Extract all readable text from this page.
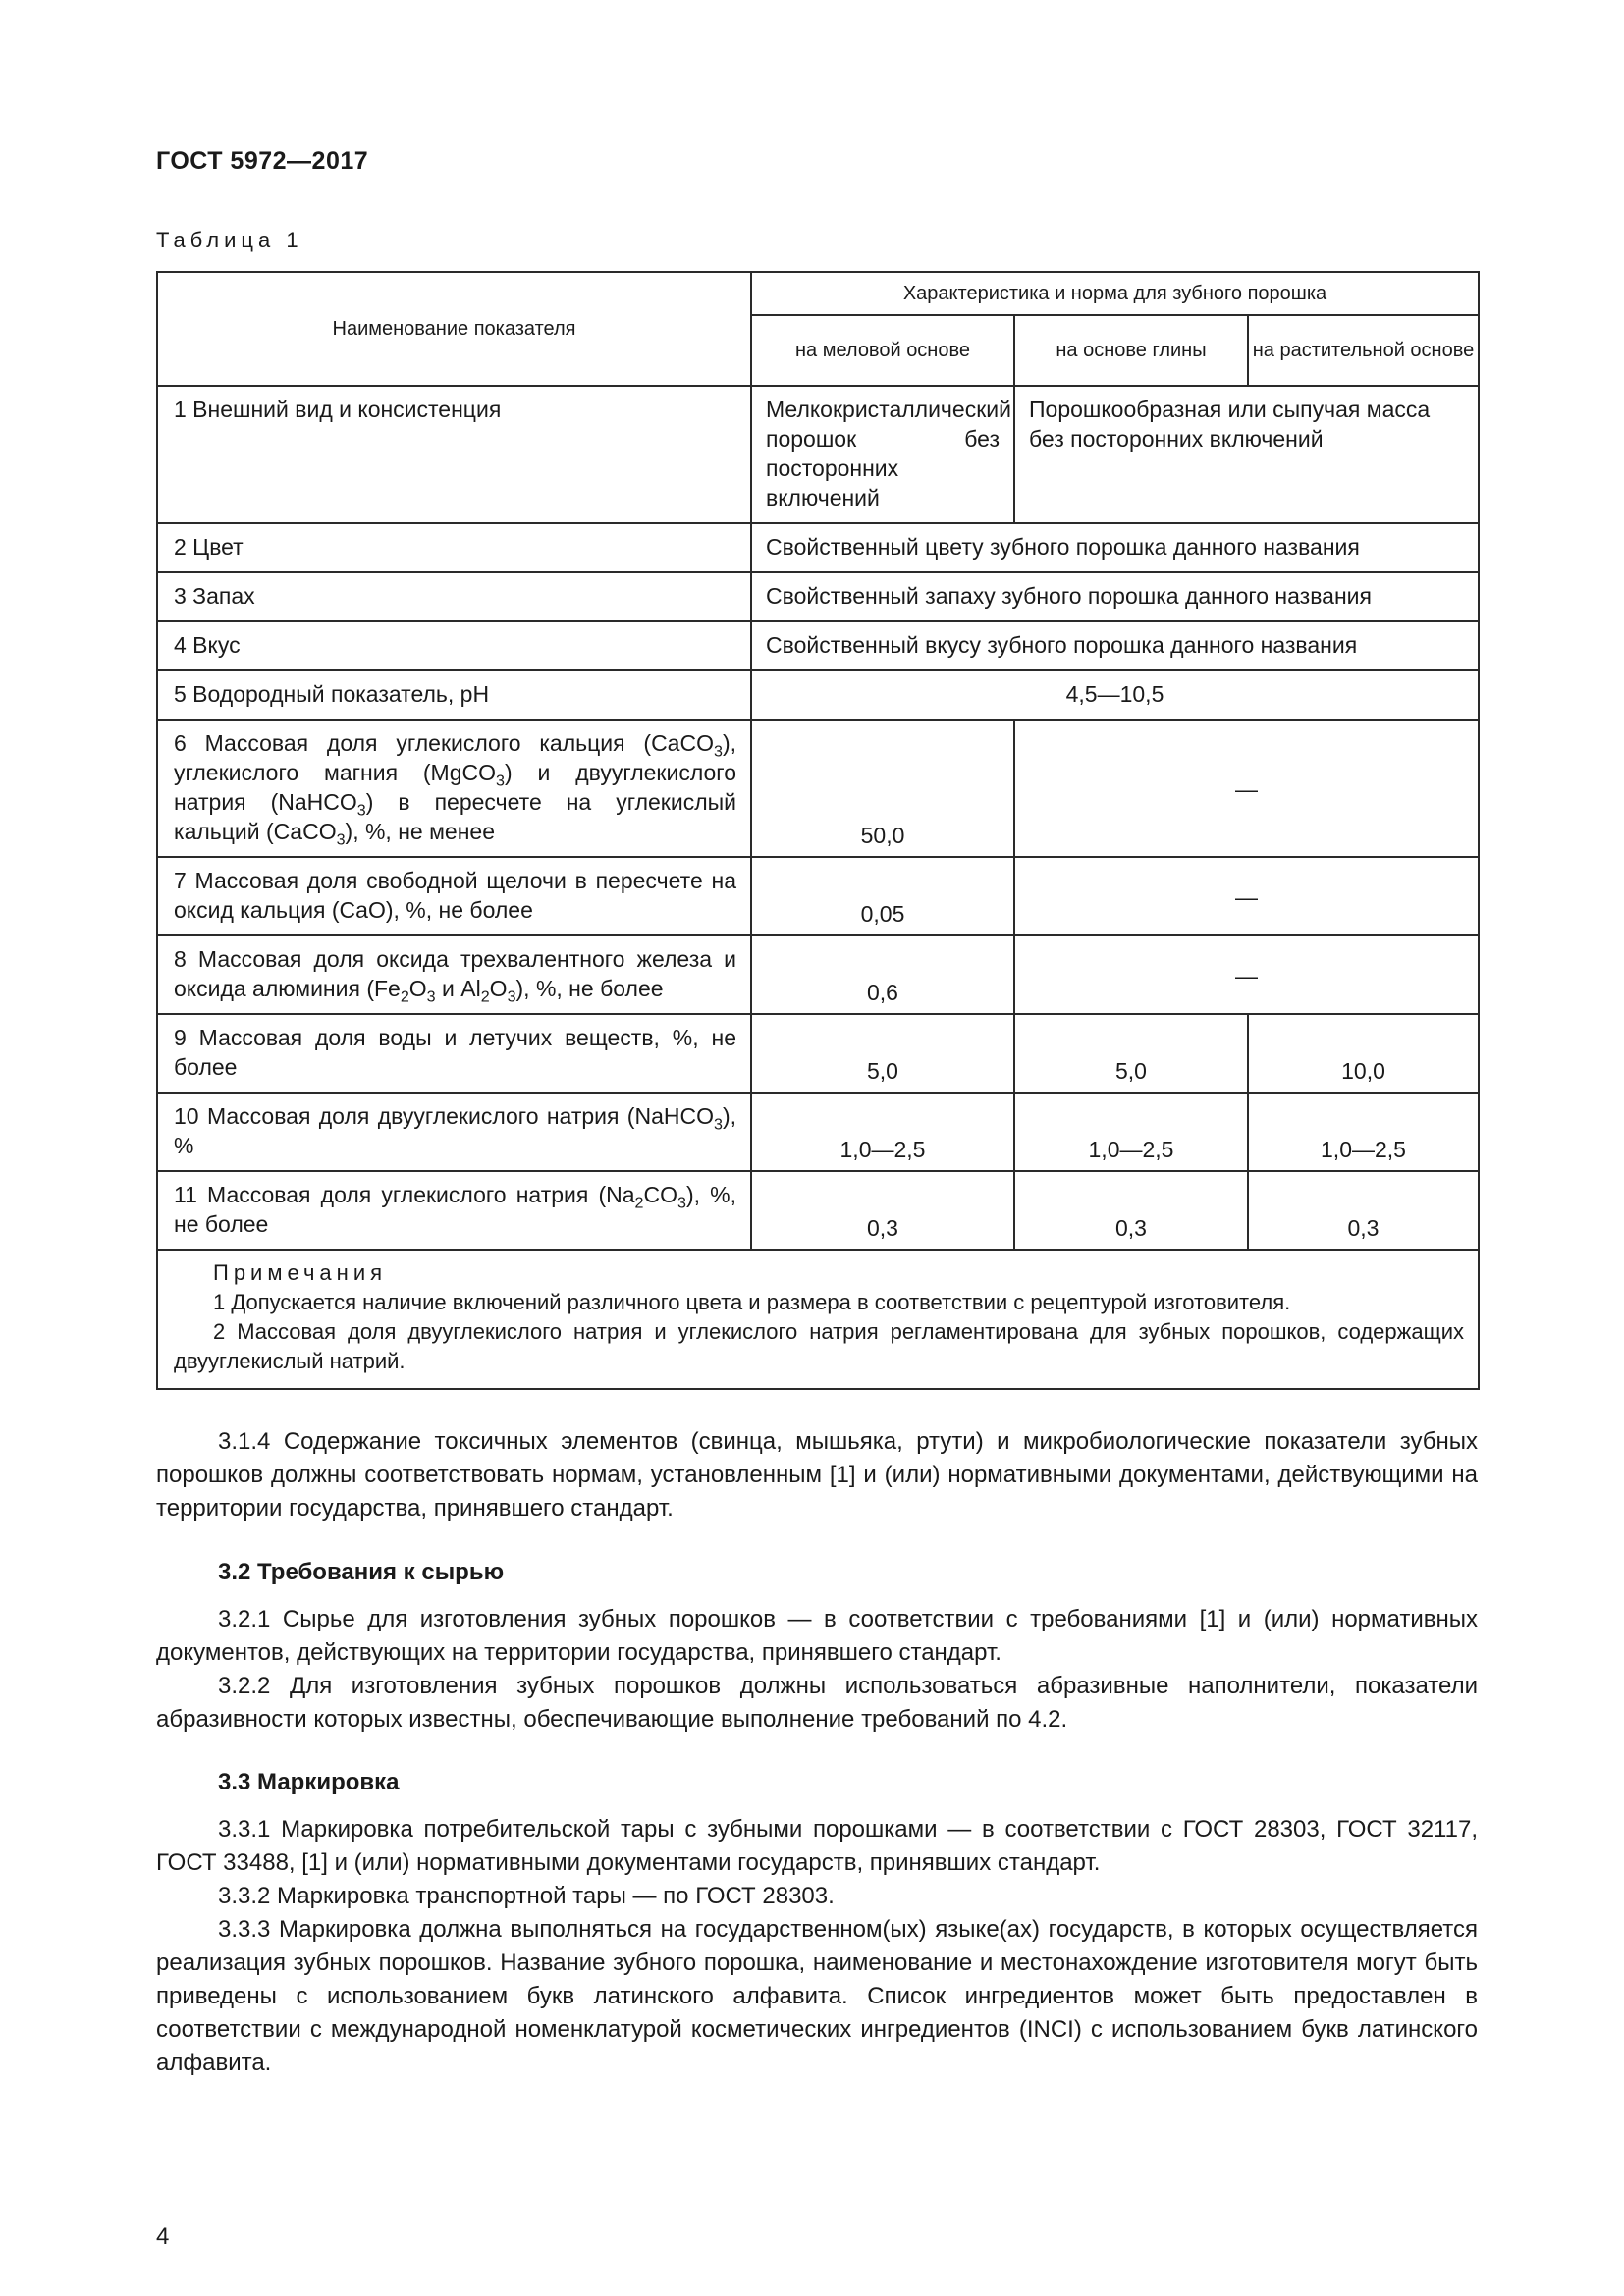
ГОСТ 5972—2017
Таблица 1
Наименование показателя	Характеристика и норма для зубного порошка		
	на меловой основе	на основе глины	на растительной основе
1 Внешний вид и консистенция	Мелкокристаллический порошок без посторонних включений	Порошкообразная или сыпучая масса без посторонних включений	
2 Цвет	Свойственный цвету зубного порошка данного названия		
3 Запах	Свойственный запаху зубного порошка данного названия		
4 Вкус	Свойственный вкусу зубного порошка данного названия		
5 Водородный показатель, pH	4,5—10,5		
6 Массовая доля углекислого кальция (CaCO$_3$), углекислого магния (MgCO$_3$) и двууглекислого натрия (NaHCO$_3$) в пересчете на углекислый кальций (CaCO$_3$), %, не менее	50,0	—	
7 Массовая доля свободной щелочи в пересчете на оксид кальция (CaO), %, не более	0,05	—	
8 Массовая доля оксида трехвалентного железа и оксида алюминия ($Fe_2O_3$ и $Al_2O_3$), %, не более	0,6	—	
9 Массовая доля воды и летучих веществ, %, не более	5,0	5,0	10,0
10 Массовая доля двууглекислого натрия (NaHCO$_3$), %	1,0—2,5	1,0—2,5	1,0—2,5
11 Массовая доля углекислого натрия $(Na_2CO_3)$, %, не более	0,3	0,3	0,3

Примечания
1 Допускается наличие включений различного цвета и размера в соответствии с рецептурой изготовителя.
2 Массовая доля двууглекислого натрия и углекислого натрия регламентирована для зубных порошков, содержащих двууглекислый натрий.			

3.1.4 Содержание токсичных элементов (свинца, мышьяка, ртути) и микробиологические показатели зубных порошков должны соответствовать нормам, установленным [1] и (или) нормативными документами, действующими на территории государства, принявшего стандарт.

3.2 Требования к сырью

3.2.1 Сырье для изготовления зубных порошков — в соответствии с требованиями [1] и (или) нормативных документов, действующих на территории государства, принявшего стандарт.

3.2.2 Для изготовления зубных порошков должны использоваться абразивные наполнители, показатели абразивности которых известны, обеспечивающие выполнение требований по 4.2.

3.3 Маркировка

3.3.1 Маркировка потребительской тары с зубными порошками — в соответствии с ГОСТ 28303, ГОСТ 32117, ГОСТ 33488, [1] и (или) нормативными документами государств, принявших стандарт.

3.3.2 Маркировка транспортной тары — по ГОСТ 28303.

3.3.3 Маркировка должна выполняться на государственном(ых) языке(ах) государств, в которых осуществляется реализация зубных порошков. Название зубного порошка, наименование и местонахождение изготовителя могут быть приведены с использованием букв латинского алфавита. Список ингредиентов может быть предоставлен в соответствии с международной номенклатурой косметических ингредиентов (INCI) с использованием букв латинского алфавита.

4
